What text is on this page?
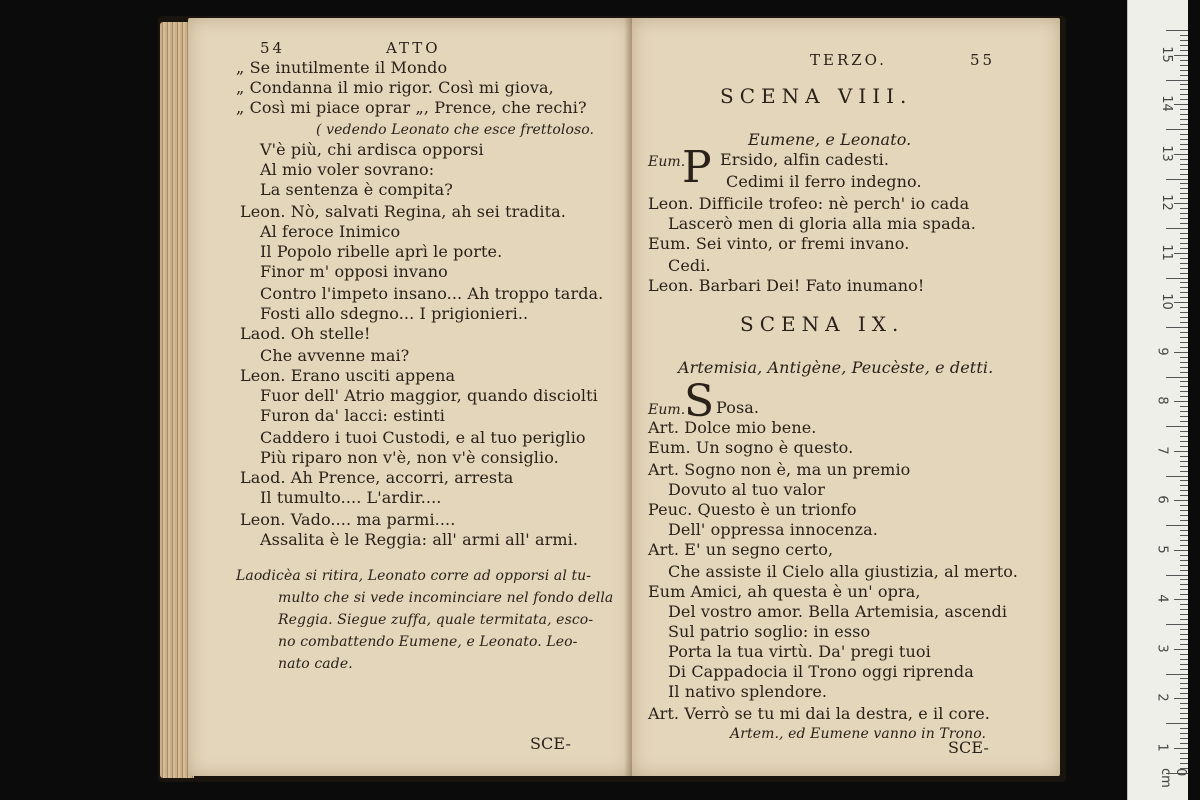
54	ATTO
„ Se inutilmente il Mondo
„ Condanna il mio rigor. Così mi giova,
„ Così mi piace oprar „, Prence, che rechi?
( vedendo Leonato che esce frettoloso.
V'è più, chi ardisca opporsi
Al mio voler sovrano:
La sentenza è compita?
Leon. Nò, salvati Regina, ah sei tradita.
Al feroce Inimico
Il Popolo ribelle aprì le porte.
Finor m' opposi invano
Contro l'impeto insano... Ah troppo tarda.
Fosti allo sdegno... I prigionieri..
Laod. Oh stelle!
Che avvenne mai?
Leon. Erano usciti appena
Fuor dell' Atrio maggior, quando disciolti
Furon da' lacci: estinti
Caddero i tuoi Custodi, e al tuo periglio
Più riparo non v'è, non v'è consiglio.
Laod. Ah Prence, accorri, arresta
Il tumulto.... L'ardir....
Leon. Vado.... ma parmi....
Assalita è le Reggia: all' armi all' armi.
Laodicèa si ritira, Leonato corre ad opporsi al tu-
multo che si vede incominciare nel fondo della
Reggia. Siegue zuffa, quale termitata, esco-
no combattendo Eumene, e Leonato. Leo-
nato cade.
SCE-
TERZO.	55
SCENA VIII.
Eumene, e Leonato.
Eum.
P Ersido, alfin cadesti.
Cedimi il ferro indegno.
Leon. Difficile trofeo: nè perch' io cada
Lascerò men di gloria alla mia spada.
Eum. Sei vinto, or fremi invano.
Cedi.
Leon. Barbari Dei! Fato inumano!
SCENA IX.
Artemisia, Antigène, Peucèste, e detti.
Eum.
S Posa.
Art. Dolce mio bene.
Eum. Un sogno è questo.
Art. Sogno non è, ma un premio
Dovuto al tuo valor
Peuc. Questo è un trionfo
Dell' oppressa innocenza.
Art. E' un segno certo,
Che assiste il Cielo alla giustizia, al merto.
Eum Amici, ah questa è un' opra,
Del vostro amor. Bella Artemisia, ascendi
Sul patrio soglio: in esso
Porta la tua virtù. Da' pregi tuoi
Di Cappadocia il Trono oggi riprenda
Il nativo splendore.
Art. Verrò se tu mi dai la destra, e il core.
Artem., ed Eumene vanno in Trono.
SCE-
15
14
13
12
11
10
9
8
7
6
5
4
3
2
1
0 cm
